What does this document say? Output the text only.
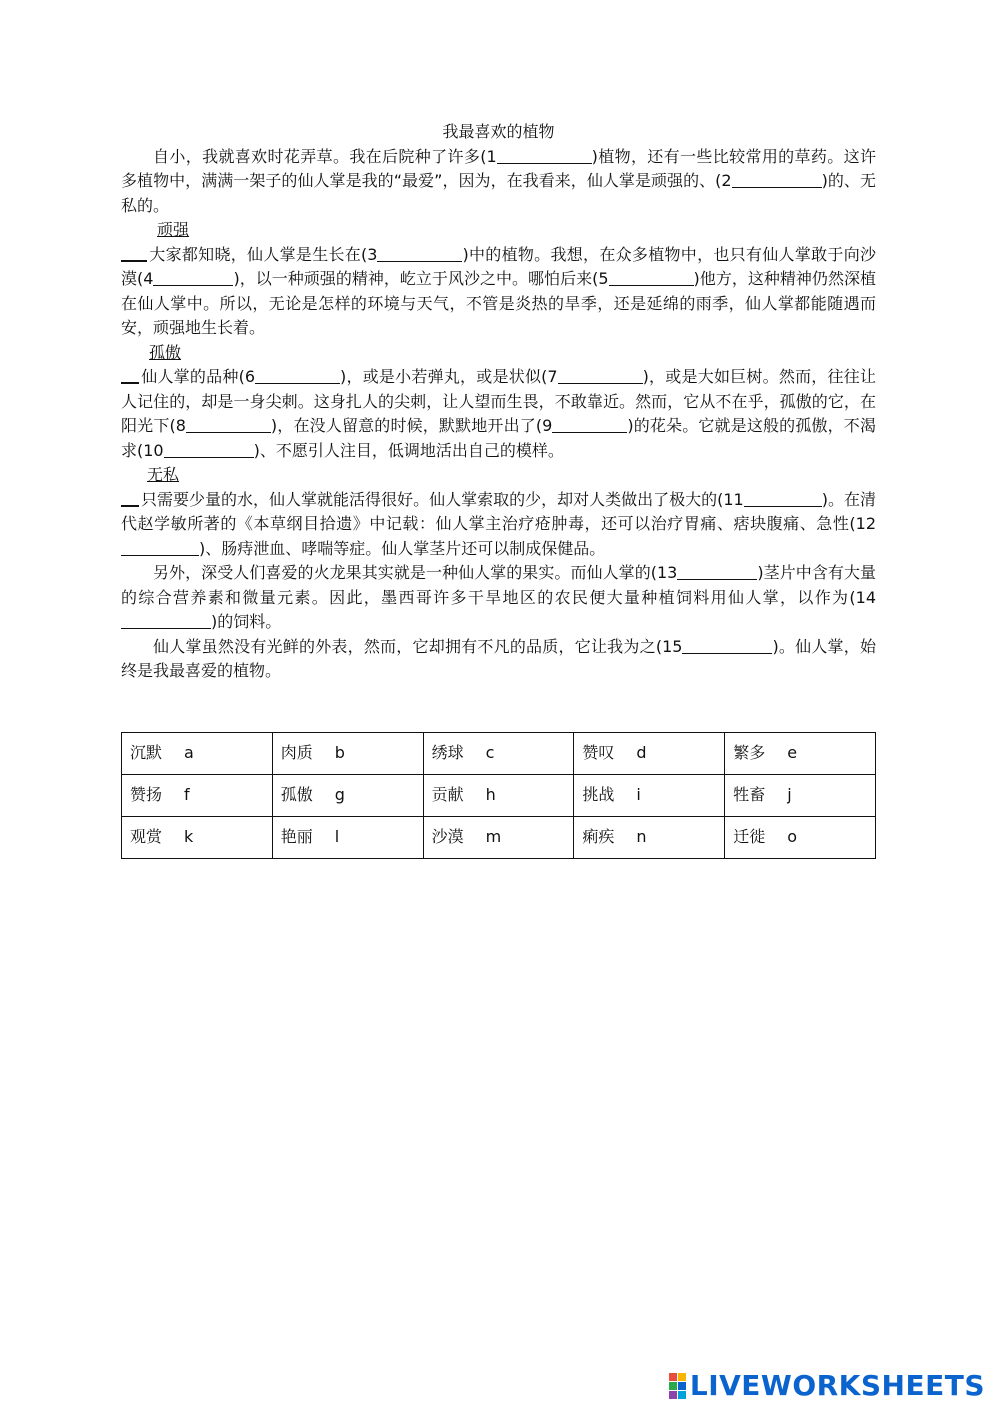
我最喜欢的植物

自小，我就喜欢时花弄草。我在后院种了许多(1	)植物，还有一些比较常用的草药。这许多植物中，满满一架子的仙人掌是我的“最爱”，因为，在我看来，仙人掌是顽强的、(2	)的、无私的。

顽强

大家都知晓，仙人掌是生长在(3	)中的植物。我想，在众多植物中，也只有仙人掌敢于向沙漠(4	)，以一种顽强的精神，屹立于风沙之中。哪怕后来(5	)他方，这种精神仍然深植在仙人掌中。所以，无论是怎样的环境与天气，不管是炎热的旱季，还是延绵的雨季，仙人掌都能随遇而安，顽强地生长着。

孤傲

仙人掌的品种(6	)，或是小若弹丸，或是状似(7	)，或是大如巨树。然而，往往让人记住的，却是一身尖刺。这身扎人的尖刺，让人望而生畏，不敢靠近。然而，它从不在乎，孤傲的它，在阳光下(8	)，在没人留意的时候，默默地开出了(9	)的花朵。它就是这般的孤傲，不渴求(10	)、不愿引人注目，低调地活出自己的模样。

无私

只需要少量的水，仙人掌就能活得很好。仙人掌索取的少，却对人类做出了极大的(11	)。在清代赵学敏所著的《本草纲目拾遗》中记载：仙人掌主治疗疮肿毒，还可以治疗胃痛、痞块腹痛、急性(12)、肠痔泄血、哮喘等症。仙人掌茎片还可以制成保健品。

另外，深受人们喜爱的火龙果其实就是一种仙人掌的果实。而仙人掌的(13	)茎片中含有大量的综合营养素和微量元素。因此，墨西哥许多干旱地区的农民便大量种植饲料用仙人掌，以作为(14)的饲料。

仙人掌虽然没有光鲜的外表，然而，它却拥有不凡的品质，它让我为之(15	)。仙人掌，始终是我最喜爱的植物。

沉默 a	肉质 b	绣球 c	赞叹 d	繁多 e
赞扬 f	孤傲 g	贡献 h	挑战 i	牲畜 j
观赏 k	艳丽 l	沙漠 m	痢疾 n	迁徙 o
LIVEWORKSHEETS
